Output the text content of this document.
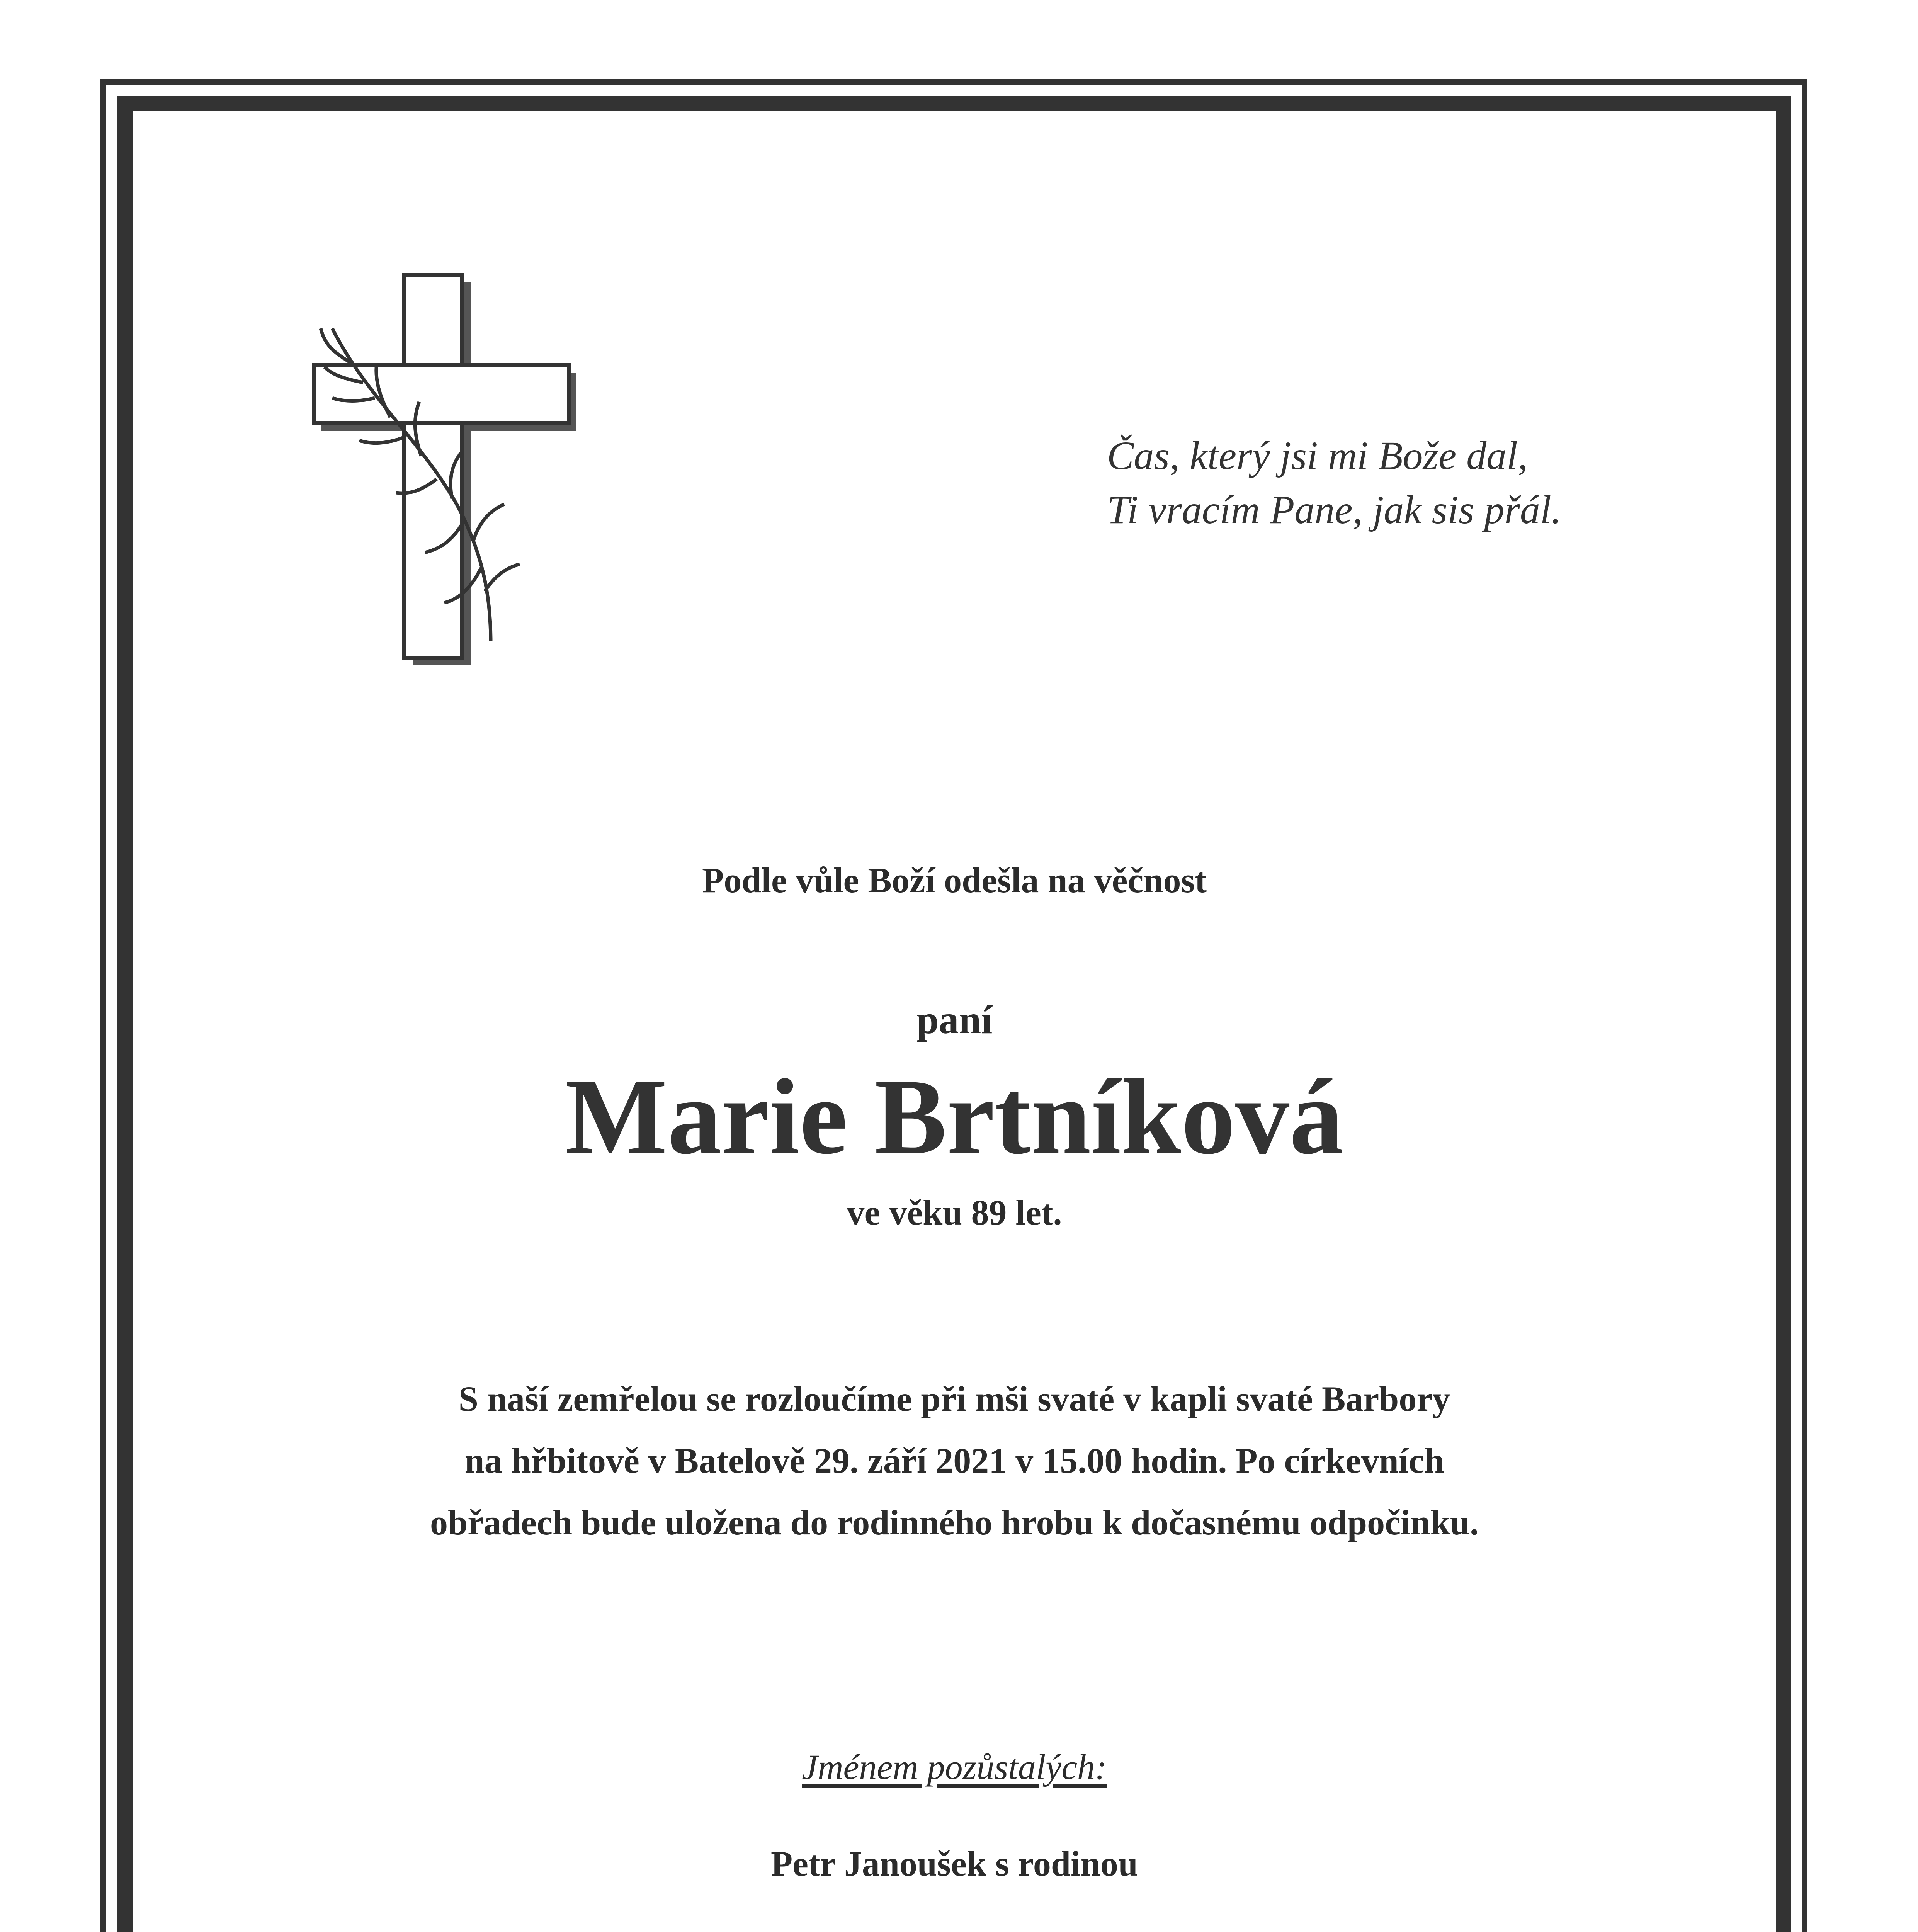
Čas, který jsi mi Bože dal,
Ti vracím Pane, jak sis přál.
Podle vůle Boží odešla na věčnost
paní
Marie Brtníková
ve věku 89 let.
S naší zemřelou se rozloučíme při mši svaté v kapli svaté Barbory
na hřbitově v Batelově 29. září 2021 v 15.00 hodin. Po církevních
obřadech bude uložena do rodinného hrobu k dočasnému odpočinku.
Jménem pozůstalých:
Petr Janoušek s rodinou
